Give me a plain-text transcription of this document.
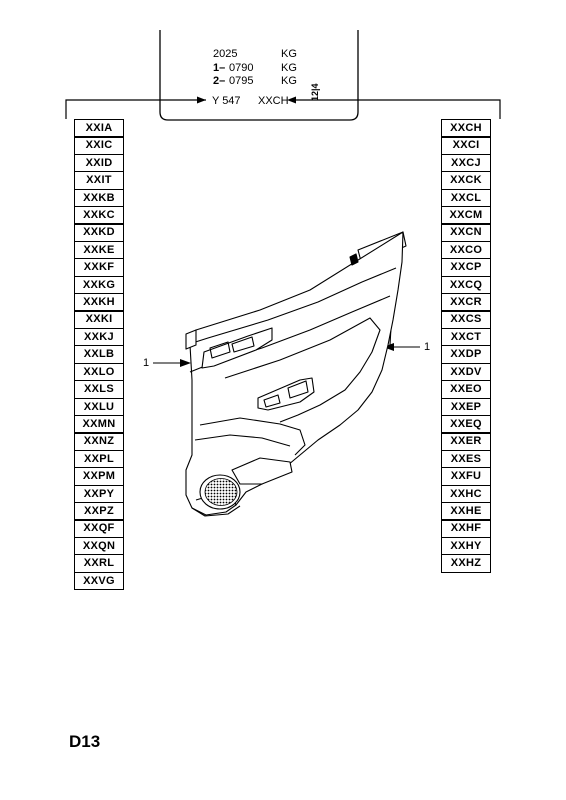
2025	KG
1– 0790	KG
2– 0795	KG
Y 547 XXCH 12|4
XXIA
XXIC
XXID
XXIT
XXKB
XXKC
XXKD
XXKE
XXKF
XXKG
XXKH
XXKI
XXKJ
XXLB
XXLO
XXLS
XXLU
XXMN
XXNZ
XXPL
XXPM
XXPY
XXPZ
XXQF
XXQN
XXRL
XXVG
XXCH
XXCI
XXCJ
XXCK
XXCL
XXCM
XXCN
XXCO
XXCP
XXCQ
XXCR
XXCS
XXCT
XXDP
XXDV
XXEO
XXEP
XXEQ
XXER
XXES
XXFU
XXHC
XXHE
XXHF
XXHY
XXHZ
1
1
D13
